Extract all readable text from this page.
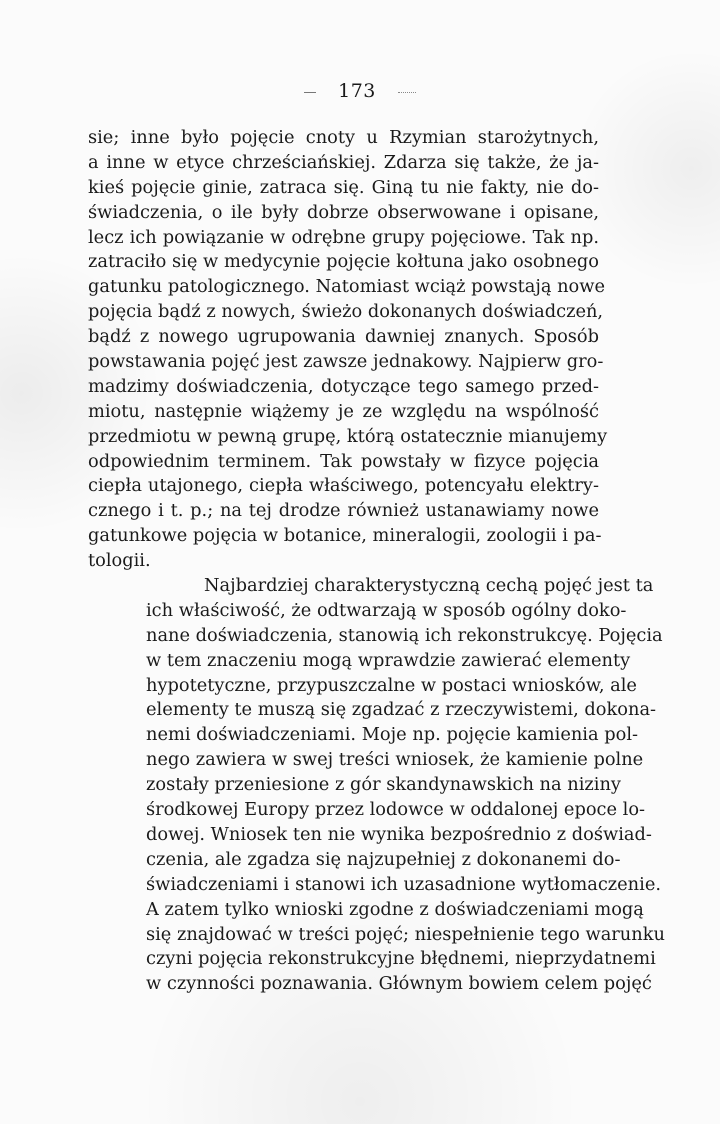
173
sie; inne było pojęcie cnoty u Rzymian starożytnych,
a inne w etyce chrześciańskiej. Zdarza się także, że ja-
kieś pojęcie ginie, zatraca się. Giną tu nie fakty, nie do-
świadczenia, o ile były dobrze obserwowane i opisane,
lecz ich powiązanie w odrębne grupy pojęciowe. Tak np.
zatraciło się w medycynie pojęcie kołtuna jako osobnego
gatunku patologicznego. Natomiast wciąż powstają nowe
pojęcia bądź z nowych, świeżo dokonanych doświadczeń,
bądź z nowego ugrupowania dawniej znanych. Sposób
powstawania pojęć jest zawsze jednakowy. Najpierw gro-
madzimy doświadczenia, dotyczące tego samego przed-
miotu, następnie wiążemy je ze względu na wspólność
przedmiotu w pewną grupę, którą ostatecznie mianujemy
odpowiednim terminem. Tak powstały w fizyce pojęcia
ciepła utajonego, ciepła właściwego, potencyału elektry-
cznego i t. p.; na tej drodze również ustanawiamy nowe
gatunkowe pojęcia w botanice, mineralogii, zoologii i pa-
tologii.
Najbardziej charakterystyczną cechą pojęć jest ta
ich właściwość, że odtwarzają w sposób ogólny doko-
nane doświadczenia, stanowią ich rekonstrukcyę. Pojęcia
w tem znaczeniu mogą wprawdzie zawierać elementy
hypotetyczne, przypuszczalne w postaci wniosków, ale
elementy te muszą się zgadzać z rzeczywistemi, dokona-
nemi doświadczeniami. Moje np. pojęcie kamienia pol-
nego zawiera w swej treści wniosek, że kamienie polne
zostały przeniesione z gór skandynawskich na niziny
środkowej Europy przez lodowce w oddalonej epoce lo-
dowej. Wniosek ten nie wynika bezpośrednio z doświad-
czenia, ale zgadza się najzupełniej z dokonanemi do-
świadczeniami i stanowi ich uzasadnione wytłomaczenie.
A zatem tylko wnioski zgodne z doświadczeniami mogą
się znajdować w treści pojęć; niespełnienie tego warunku
czyni pojęcia rekonstrukcyjne błędnemi, nieprzydatnemi
w czynności poznawania. Głównym bowiem celem pojęć
